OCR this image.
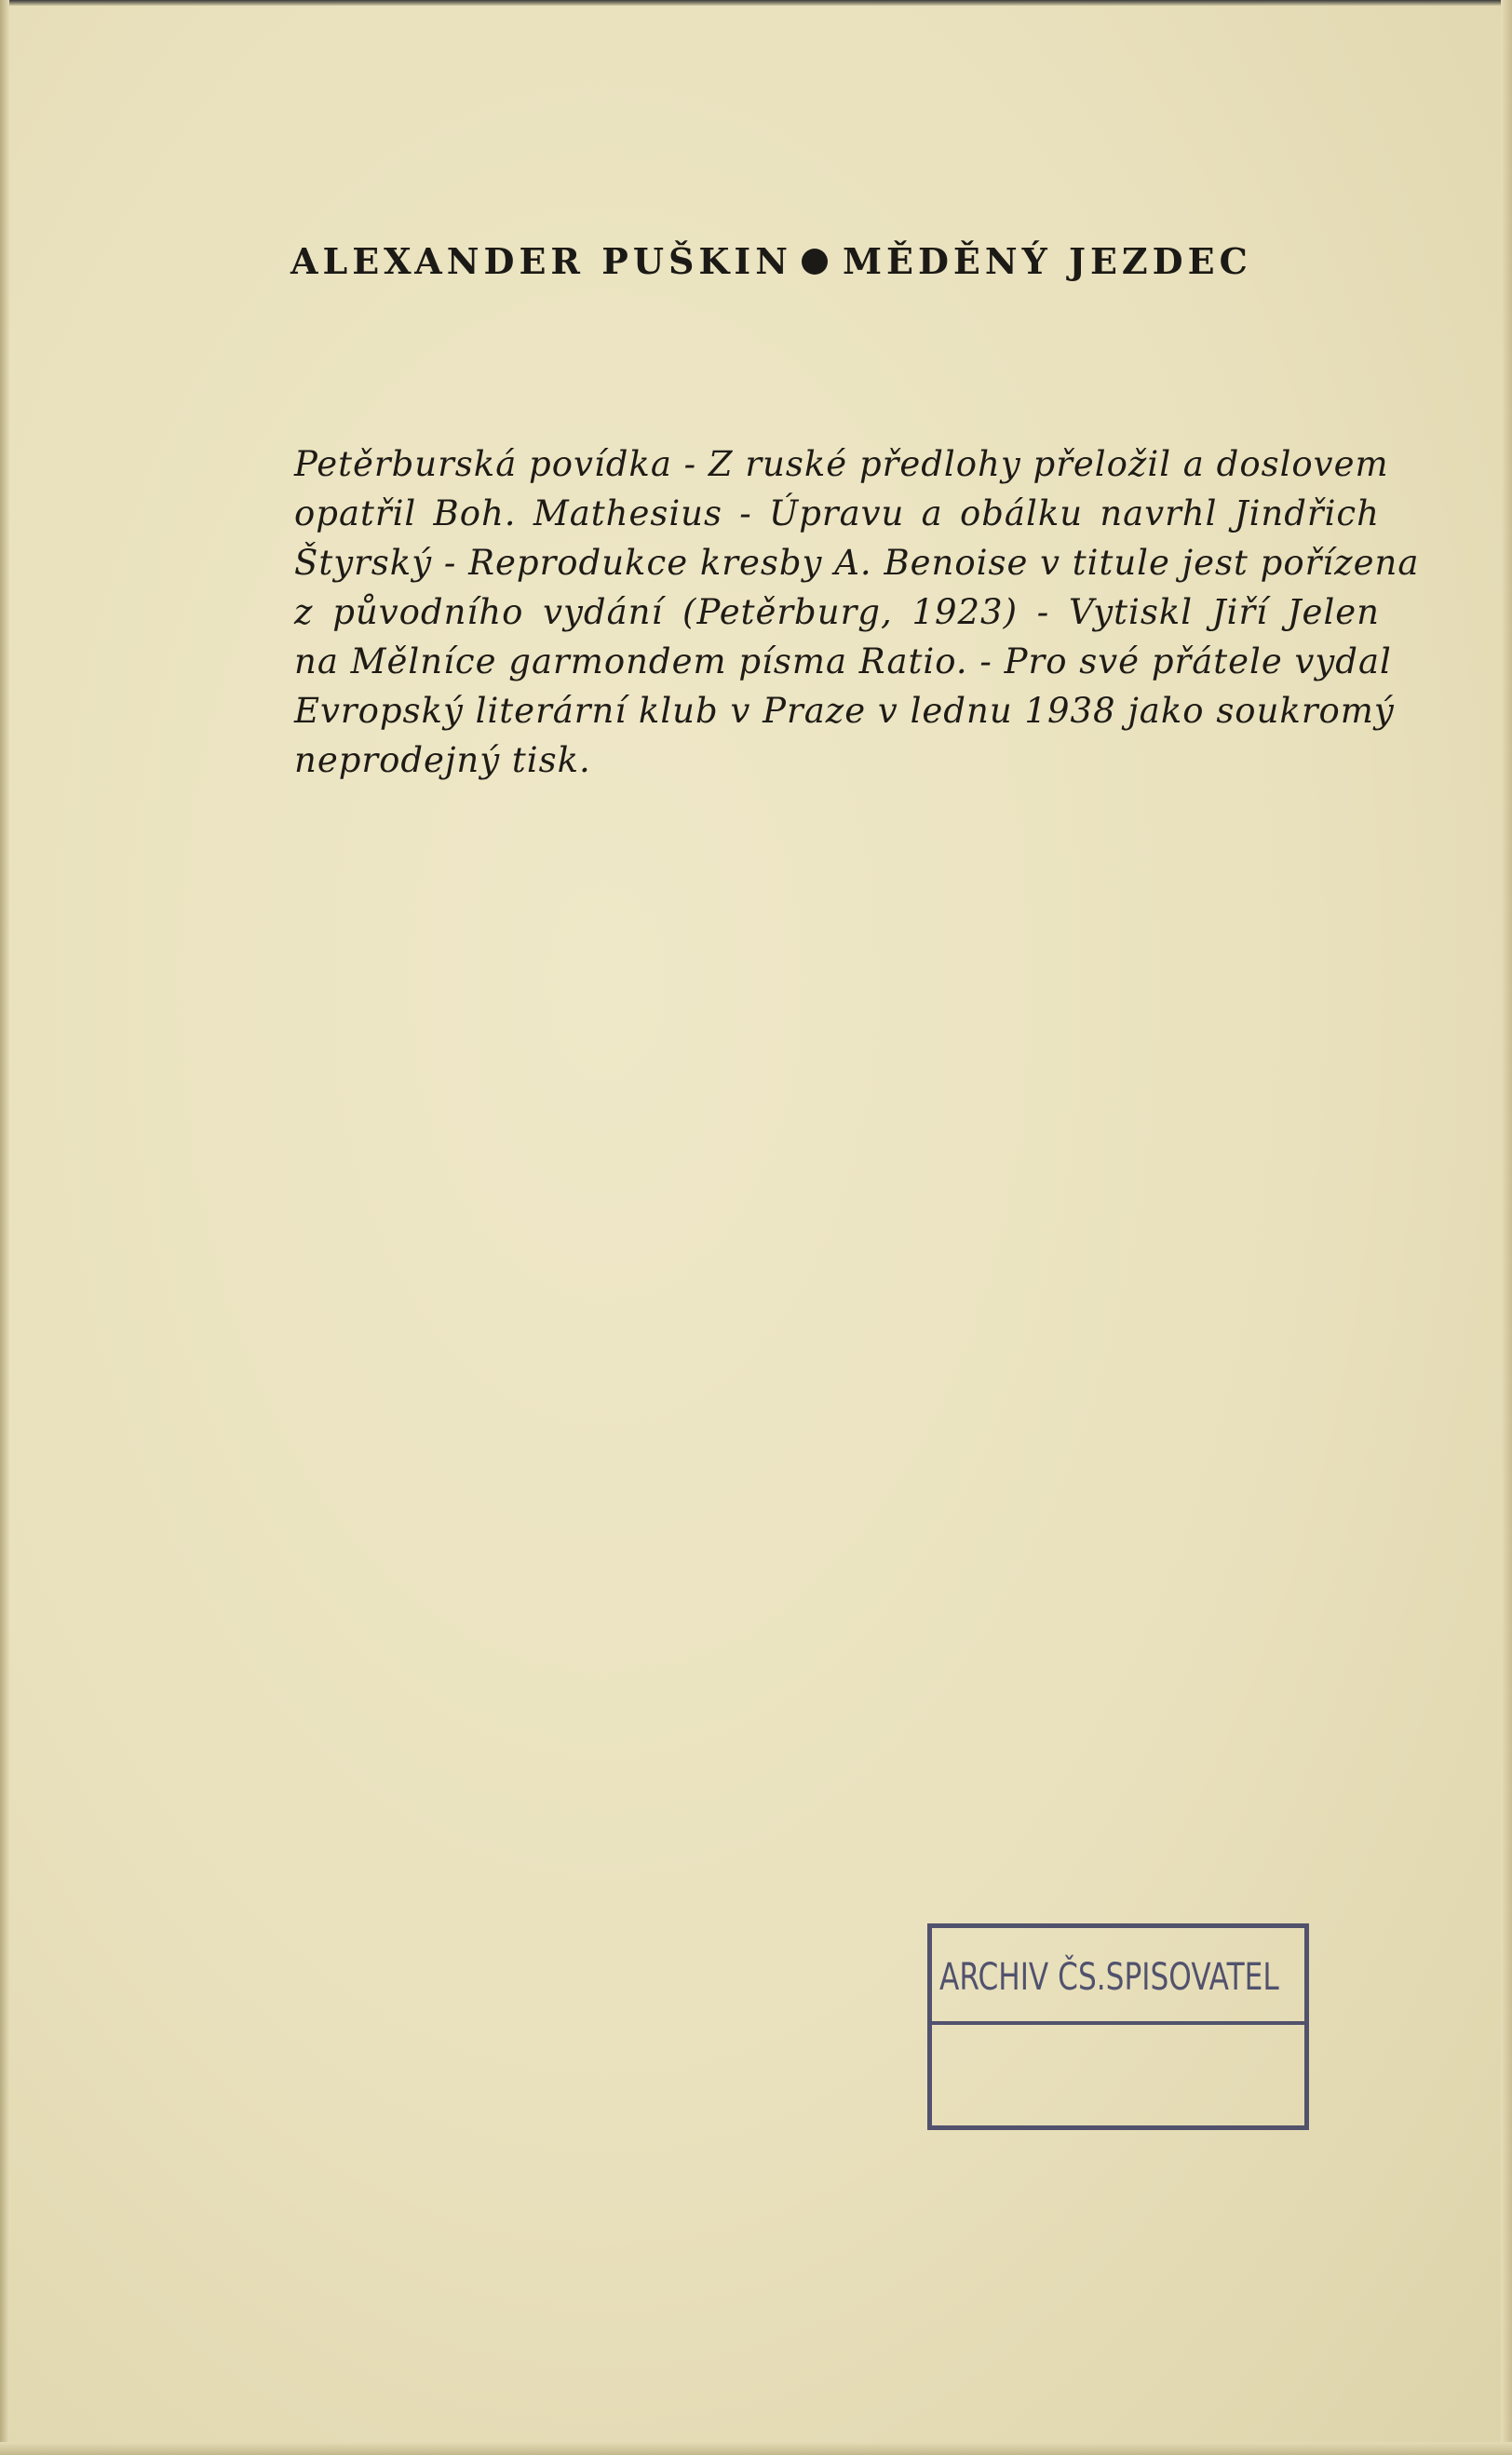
ALEXANDER PUŠKIN MĚDĚNÝ JEZDEC
Petěrburská povídka - Z ruské předlohy přeložil a doslovem
opatřil Boh. Mathesius - Úpravu a obálku navrhl Jindřich
Štyrský - Reprodukce kresby A. Benoise v titule jest pořízena
z původního vydání (Petěrburg, 1923) - Vytiskl Jiří Jelen
na Mělníce garmondem písma Ratio. - Pro své přátele vydal
Evropský literární klub v Praze v lednu 1938 jako soukromý
neprodejný tisk.
ARCHIV ČS.SPISOVATEL
